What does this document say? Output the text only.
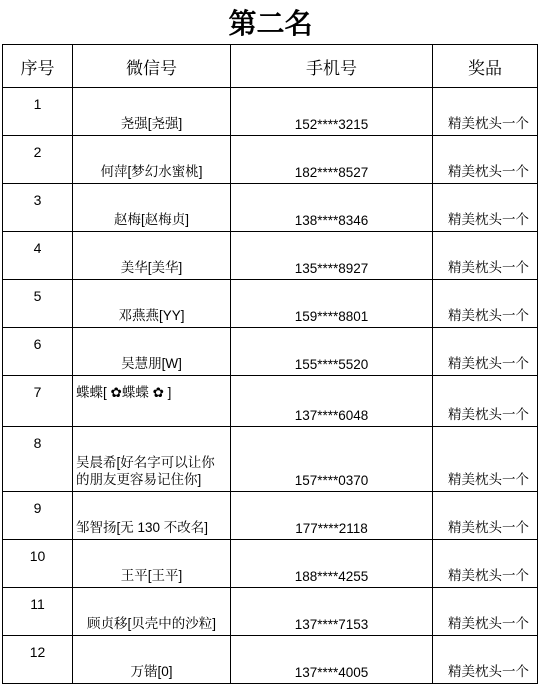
第二名
序号	微信号	手机号	奖品
1	尧强[尧强]	152****3215	精美枕头一个
2	何萍[梦幻水蜜桃]	182****8527	精美枕头一个
3	赵梅[赵梅贞]	138****8346	精美枕头一个
4	美华[美华]	135****8927	精美枕头一个
5	邓燕燕[YY]	159****8801	精美枕头一个
6	吴慧朋[W]	155****5520	精美枕头一个
7	蝶蝶[ ✿蝶蝶 ✿ ]	137****6048	精美枕头一个
8	吴晨希[好名字可以让你的朋友更容易记住你]	157****0370	精美枕头一个
9	邹智扬[无 130 不改名]	177****2118	精美枕头一个
10	王平[王平]	188****4255	精美枕头一个
11	顾贞移[贝壳中的沙粒]	137****7153	精美枕头一个
12	万锴[0]	137****4005	精美枕头一个
